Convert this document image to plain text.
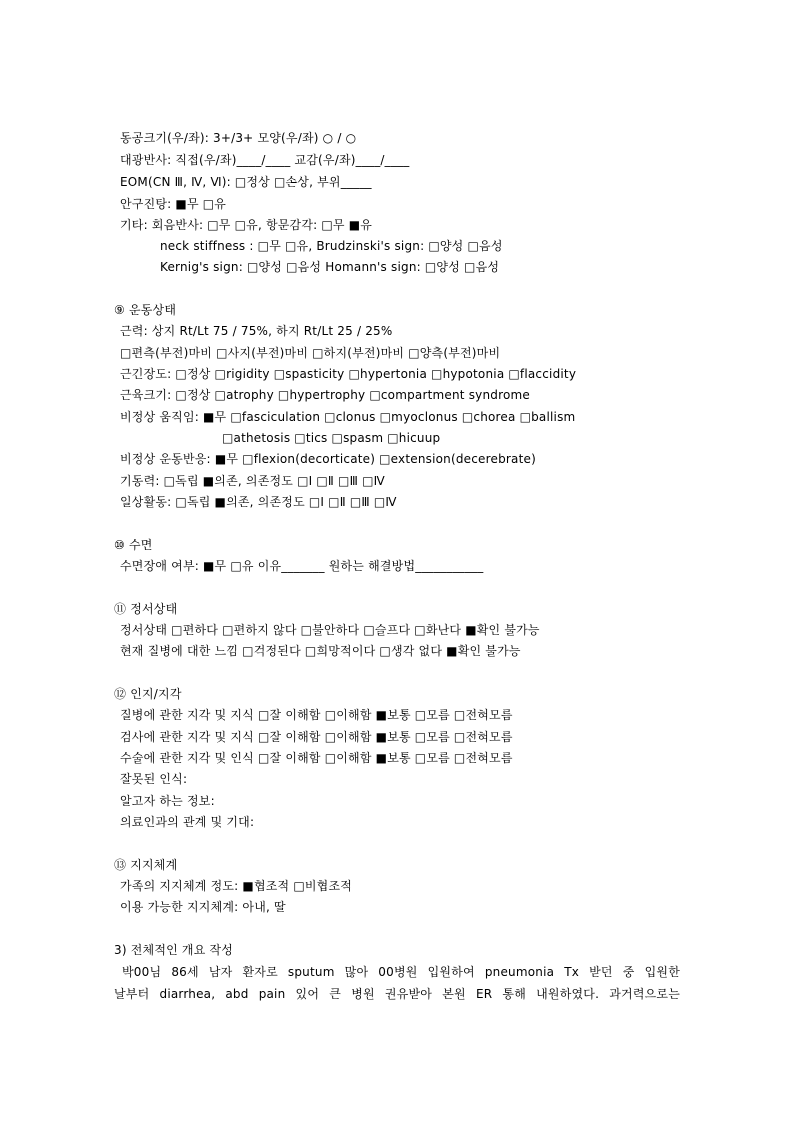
동공크기(우/좌): 3+/3+ 모양(우/좌) ○ / ○
대광반사: 직접(우/좌)____/____ 교감(우/좌)____/____
EOM(CN Ⅲ, Ⅳ, Ⅵ): □정상 □손상, 부위_____
안구진탕: ■무 □유
기타: 회음반사: □무 □유, 항문감각: □무 ■유
neck stiffness : □무 □유, Brudzinski's sign: □양성 □음성
Kernig's sign: □양성 □음성 Homann's sign: □양성 □음성
⑨ 운동상태
근력: 상지 Rt/Lt 75 / 75%, 하지 Rt/Lt 25 / 25%
□편측(부전)마비 □사지(부전)마비 □하지(부전)마비 □양측(부전)마비
근긴장도: □정상 □rigidity □spasticity □hypertonia □hypotonia □flaccidity
근육크기: □정상 □atrophy □hypertrophy □compartment syndrome
비정상 움직임: ■무 □fasciculation □clonus □myoclonus □chorea □ballism
□athetosis □tics □spasm □hicuup
비정상 운동반응: ■무 □flexion(decorticate) □extension(decerebrate)
기동력: □독립 ■의존, 의존정도 □Ⅰ □Ⅱ □Ⅲ □Ⅳ
일상활동: □독립 ■의존, 의존정도 □Ⅰ □Ⅱ □Ⅲ □Ⅳ
⑩ 수면
수면장애 여부: ■무 □유 이유_______ 원하는 해결방법___________
⑪ 정서상태
정서상태 □편하다 □편하지 않다 □불안하다 □슬프다 □화난다 ■확인 불가능
현재 질병에 대한 느낌 □걱정된다 □희망적이다 □생각 없다 ■확인 불가능
⑫ 인지/지각
질병에 관한 지각 및 지식 □잘 이해함 □이해함 ■보통 □모름 □전혀모름
검사에 관한 지각 및 지식 □잘 이해함 □이해함 ■보통 □모름 □전혀모름
수술에 관한 지각 및 인식 □잘 이해함 □이해함 ■보통 □모름 □전혀모름
잘못된 인식:
알고자 하는 정보:
의료인과의 관계 및 기대:
⑬ 지지체계
가족의 지지체계 정도: ■협조적 □비협조적
이용 가능한 지지체계: 아내, 딸
3) 전체적인 개요 작성
박00님 86세 남자 환자로 sputum 많아 00병원 입원하여 pneumonia Tx 받던 중 입원한
날부터 diarrhea, abd pain 있어 큰 병원 권유받아 본원 ER 통해 내원하였다. 과거력으로는
